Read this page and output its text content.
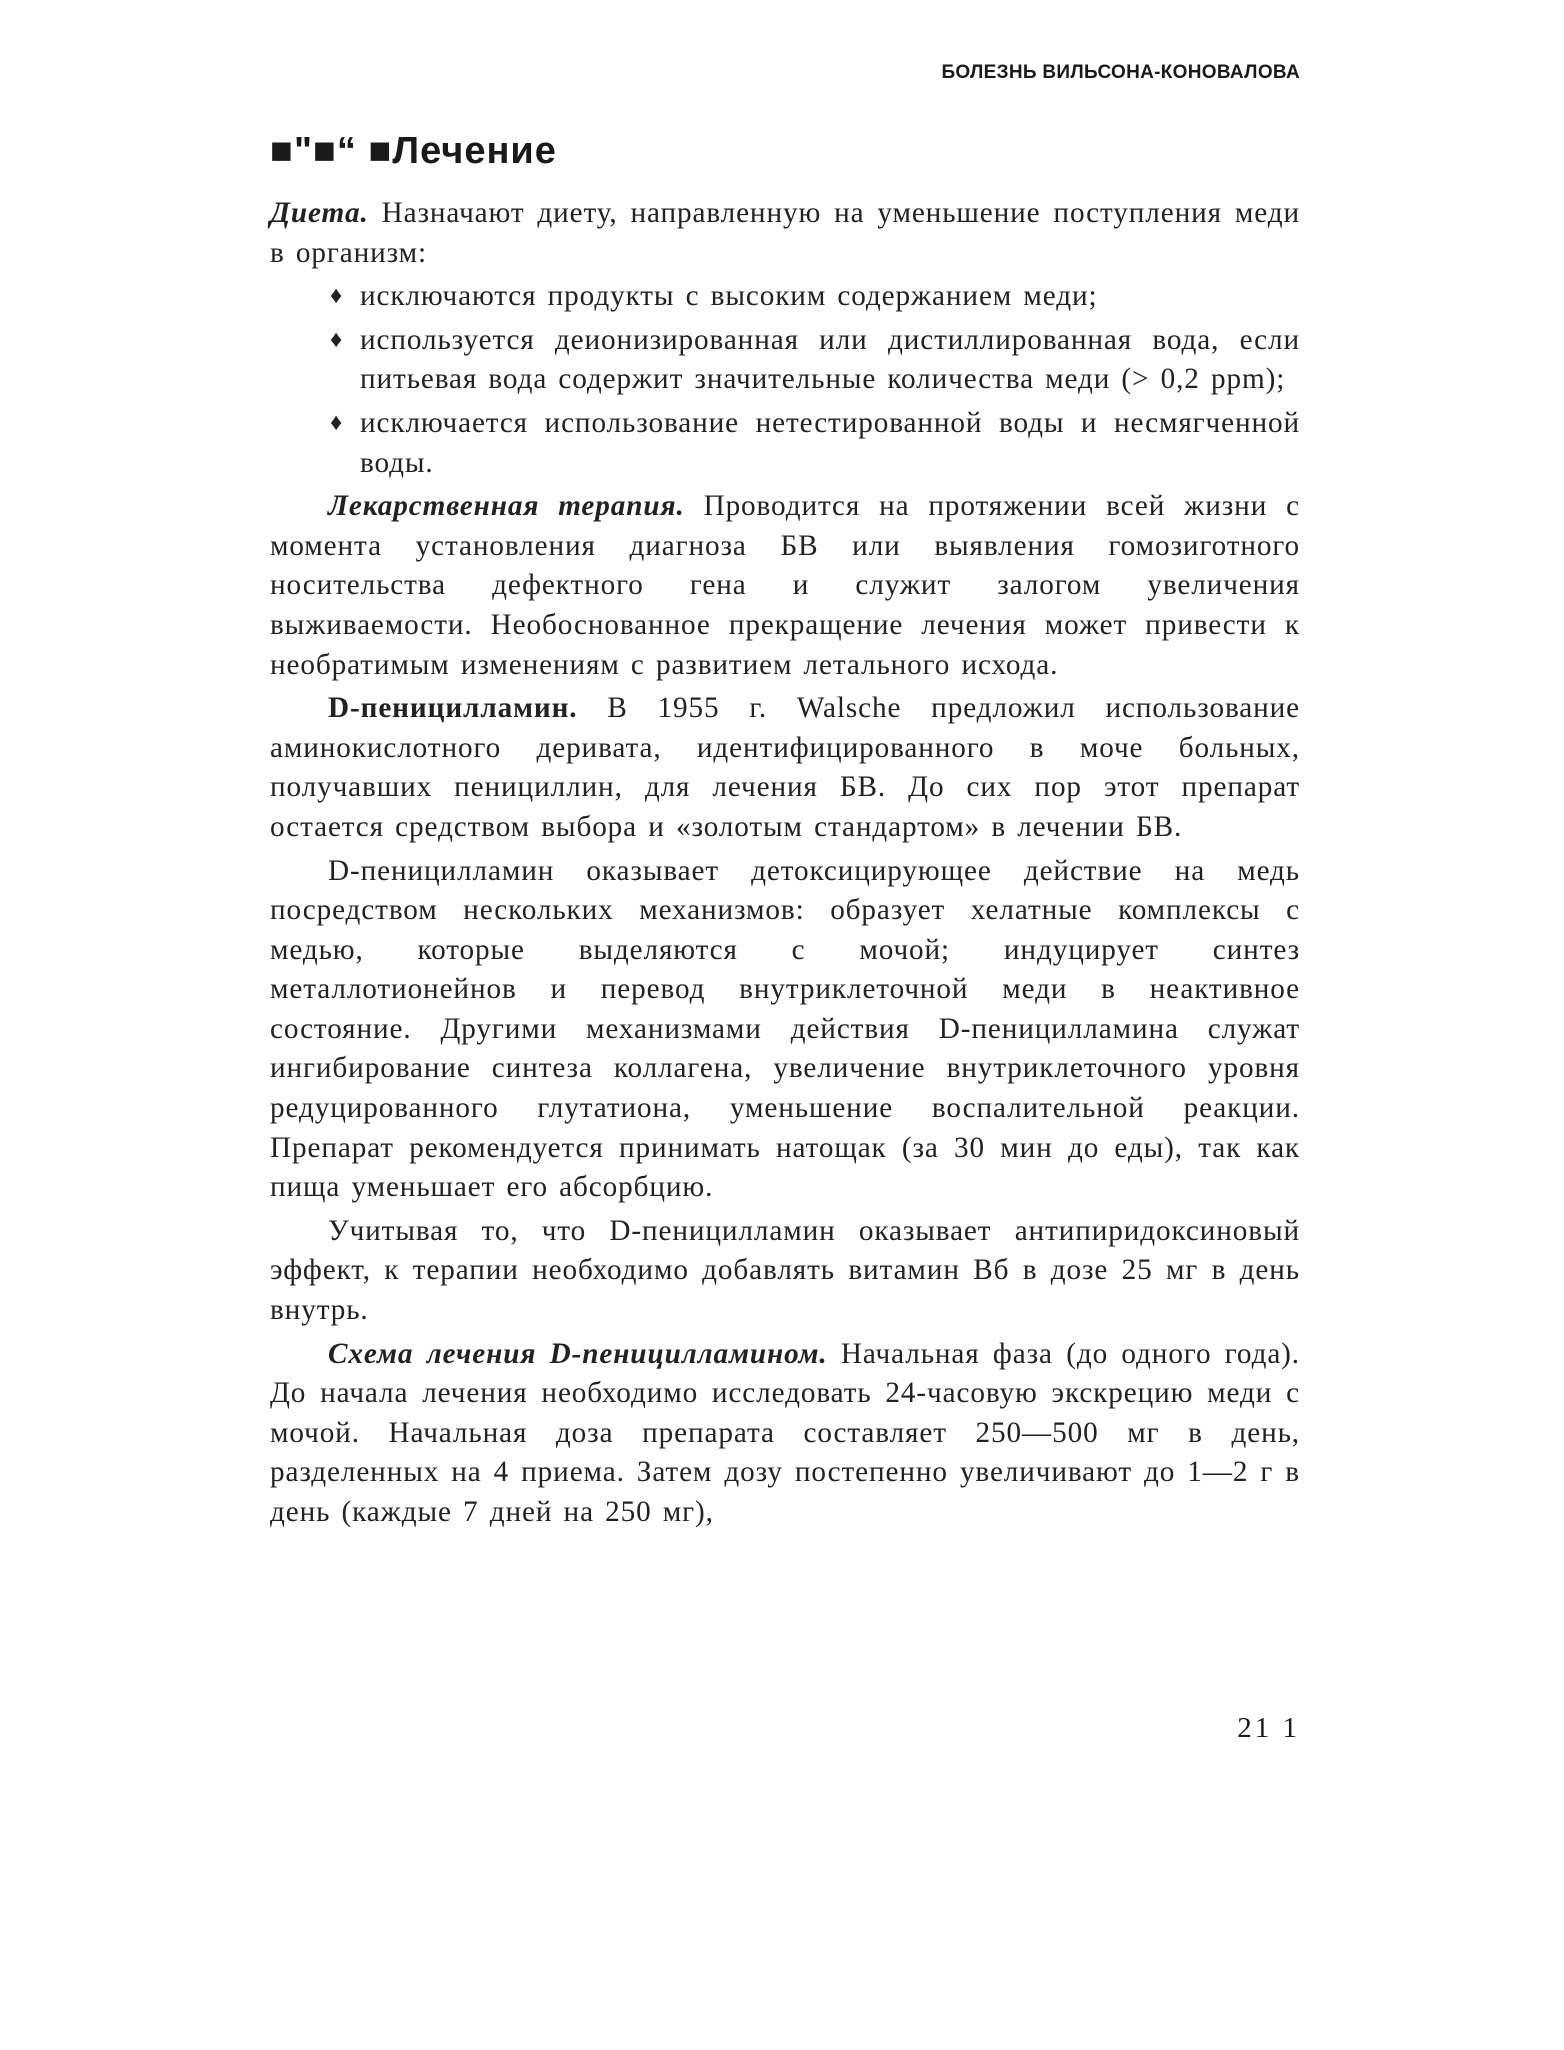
БОЛЕЗНЬ ВИЛЬСОНА-КОНОВАЛОВА
■"■“ ■Лечение

Диета. Назначают диету, направленную на уменьшение поступления меди в организм:

♦ исключаются продукты с высоким содержанием меди;
♦ используется деионизированная или дистиллированная вода, если питьевая вода содержит значительные количества меди (> 0,2 ppm);
♦ исключается использование нетестированной воды и несмягченной воды.

Лекарственная терапия. Проводится на протяжении всей жизни с момента установления диагноза БВ или выявления гомозиготного носительства дефектного гена и служит залогом увеличения выживаемости. Необоснованное прекращение лечения может привести к необратимым изменениям с развитием летального исхода.

D-пеницилламин. В 1955 г. Walsche предложил использование аминокислотного деривата, идентифицированного в моче больных, получавших пенициллин, для лечения БВ. До сих пор этот препарат остается средством выбора и «золотым стандартом» в лечении БВ.

D-пеницилламин оказывает детоксицирующее действие на медь посредством нескольких механизмов: образует хелатные комплексы с медью, которые выделяются с мочой; индуцирует синтез металлотионейнов и перевод внутриклеточной меди в неактивное состояние. Другими механизмами действия D-пеницилламина служат ингибирование синтеза коллагена, увеличение внутриклеточного уровня редуцированного глутатиона, уменьшение воспалительной реакции. Препарат рекомендуется принимать натощак (за 30 мин до еды), так как пища уменьшает его абсорбцию.

Учитывая то, что D-пеницилламин оказывает антипиридоксиновый эффект, к терапии необходимо добавлять витамин Вб в дозе 25 мг в день внутрь.

Схема лечения D-пеницилламином. Начальная фаза (до одного года). До начала лечения необходимо исследовать 24-часовую экскрецию меди с мочой. Начальная доза препарата составляет 250—500 мг в день, разделенных на 4 приема. Затем дозу постепенно увеличивают до 1—2 г в день (каждые 7 дней на 250 мг),

21 1
